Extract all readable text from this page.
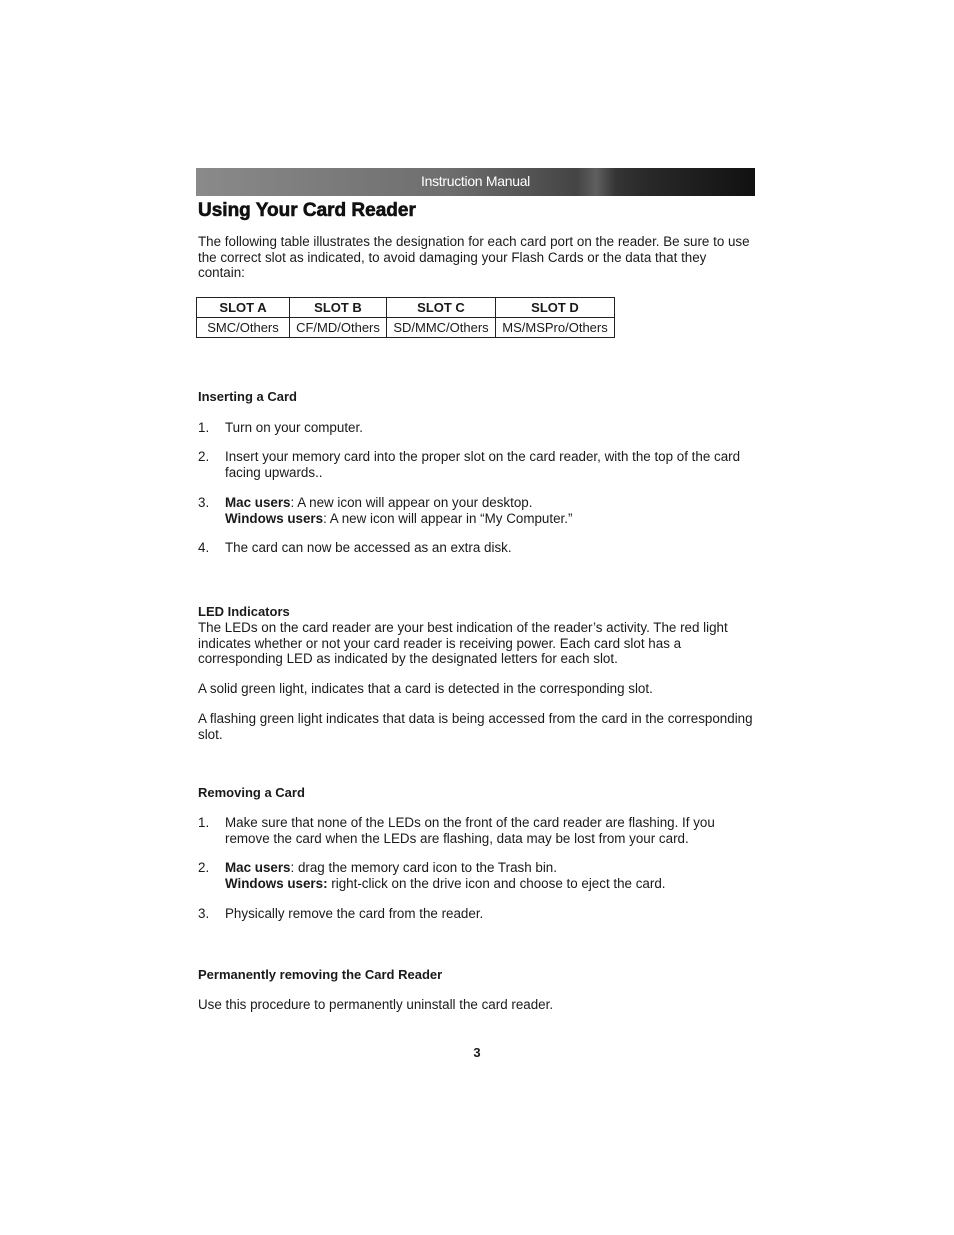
Instruction Manual
Using Your Card Reader

The following table illustrates the designation for each card port on the reader. Be sure to use the correct slot as indicated, to avoid damaging your Flash Cards or the data that they contain:

SLOT A	SLOT B	SLOT C	SLOT D
SMC/Others	CF/MD/Others	SD/MMC/Others	MS/MSPro/Others
Inserting a Card
1. Turn on your computer.
2. Insert your memory card into the proper slot on the card reader, with the top of the card facing upwards..
3. Mac users: A new icon will appear on your desktop.
Windows users: A new icon will appear in “My Computer.”
4. The card can now be accessed as an extra disk.
LED Indicators

The LEDs on the card reader are your best indication of the reader’s activity. The red light indicates whether or not your card reader is receiving power. Each card slot has a corresponding LED as indicated by the designated letters for each slot.

A solid green light, indicates that a card is detected in the corresponding slot.

A flashing green light indicates that data is being accessed from the card in the corresponding slot.

Removing a Card
1. Make sure that none of the LEDs on the front of the card reader are flashing. If you remove the card when the LEDs are flashing, data may be lost from your card.
2. Mac users: drag the memory card icon to the Trash bin.
Windows users: right-click on the drive icon and choose to eject the card.
3. Physically remove the card from the reader.
Permanently removing the Card Reader

Use this procedure to permanently uninstall the card reader.

3
